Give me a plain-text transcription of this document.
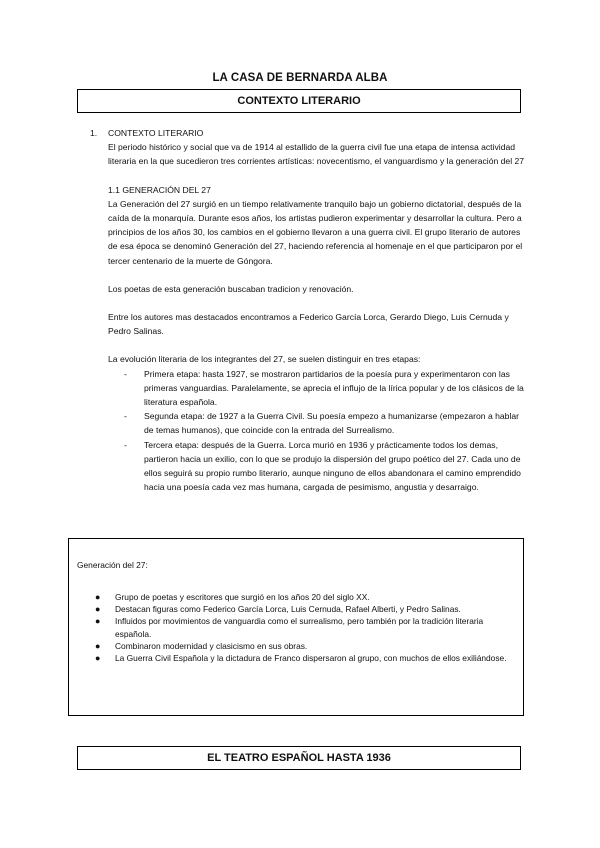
LA CASA DE BERNARDA ALBA
CONTEXTO LITERARIO
1. CONTEXTO LITERARIO

El periodo histórico y social que va de 1914 al estallido de la guerra civil fue una etapa de intensa actividad literaria en la que sucedieron tres corrientes artísticas: novecentismo, el vanguardismo y la generación del 27

1.1 GENERACIÓN DEL 27

La Generación del 27 surgió en un tiempo relativamente tranquilo bajo un gobierno dictatorial, después de la caída de la monarquía. Durante esos años, los artistas pudieron experimentar y desarrollar la cultura. Pero a principios de los años 30, los cambios en el gobierno llevaron a una guerra civil. El grupo literario de autores de esa época se denominó Generación del 27, haciendo referencia al homenaje en el que participaron por el tercer centenario de la muerte de Góngora.

Los poetas de esta generación buscaban tradicion y renovación.

Entre los autores mas destacados encontramos a Federico García Lorca, Gerardo Diego, Luis Cernuda y Pedro Salinas.

La evolución literaria de los integrantes del 27, se suelen distinguir en tres etapas:

- Primera etapa: hasta 1927, se mostraron partidarios de la poesía pura y experimentaron con las primeras vanguardias. Paralelamente, se aprecia el influjo de la lírica popular y de los clásicos de la literatura española.
- Segunda etapa: de 1927 a la Guerra Civil. Su poesía empezo a humanizarse (empezaron a hablar de temas humanos), que coincide con la entrada del Surrealismo.
- Tercera etapa: después de la Guerra. Lorca murió en 1936 y prácticamente todos los demas, partieron hacia un exilio, con lo que se produjo la dispersión del grupo poético del 27. Cada uno de ellos seguirá su propio rumbo literario, aunque ninguno de ellos abandonara el camino emprendido hacia una poesía cada vez mas humana, cargada de pesimismo, angustia y desarraigo.
Generación del 27:
● Grupo de poetas y escritores que surgió en los años 20 del siglo XX.
● Destacan figuras como Federico García Lorca, Luis Cernuda, Rafael Alberti, y Pedro Salinas.
● Influidos por movimientos de vanguardia como el surrealismo, pero también por la tradición literaria española.
● Combinaron modernidad y clasicismo en sus obras.
● La Guerra Civil Española y la dictadura de Franco dispersaron al grupo, con muchos de ellos exiliándose.
EL TEATRO ESPAÑOL HASTA 1936
